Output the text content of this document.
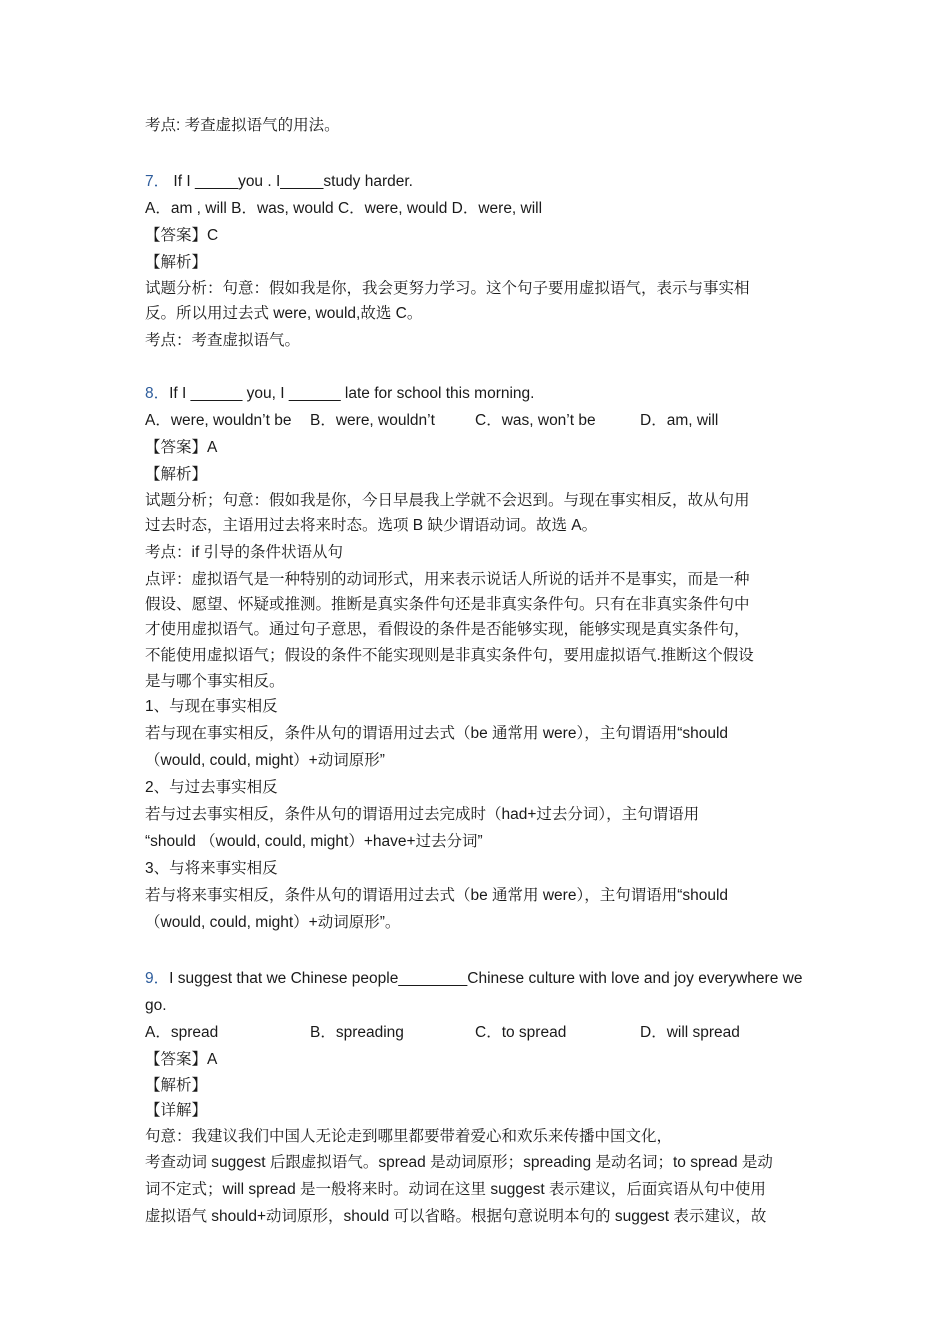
考点: 考查虚拟语气的用法。
7． If I _____you . I_____study harder.
A．am , will B．was, would C．were, would D．were, will
【答案】C
【解析】
试题分析：句意：假如我是你，我会更努力学习。这个句子要用虚拟语气，表示与事实相
反。所以用过去式 were, would,故选 C。
考点：考查虚拟语气。
8．If I ______ you, I ______ late for school this morning.
A．were, wouldn’t be B．were, wouldn’t	C．was, won’t be	D．am, will
【答案】A
【解析】
试题分析；句意：假如我是你，今日早晨我上学就不会迟到。与现在事实相反，故从句用
过去时态，主语用过去将来时态。选项 B 缺少谓语动词。故选 A。
考点：if 引导的条件状语从句
点评：虚拟语气是一种特别的动词形式，用来表示说话人所说的话并不是事实，而是一种
假设、愿望、怀疑或推测。推断是真实条件句还是非真实条件句。只有在非真实条件句中
才使用虚拟语气。通过句子意思，看假设的条件是否能够实现，能够实现是真实条件句，
不能使用虚拟语气；假设的条件不能实现则是非真实条件句，要用虚拟语气.推断这个假设
是与哪个事实相反。
1、与现在事实相反
若与现在事实相反，条件从句的谓语用过去式（be 通常用 were），主句谓语用“should
（would, could, might）+动词原形”
2、与过去事实相反
若与过去事实相反，条件从句的谓语用过去完成时（had+过去分词），主句谓语用
“should （would, could, might）+have+过去分词”
3、与将来事实相反
若与将来事实相反，条件从句的谓语用过去式（be 通常用 were），主句谓语用“should
（would, could, might）+动词原形”。
9．I suggest that we Chinese people________Chinese culture with love and joy everywhere we
go.
A．spread	B．spreading	C．to spread	D．will spread
【答案】A
【解析】
【详解】
句意：我建议我们中国人无论走到哪里都要带着爱心和欢乐来传播中国文化，
考查动词 suggest 后跟虚拟语气。spread 是动词原形；spreading 是动名词；to spread 是动
词不定式；will spread 是一般将来时。动词在这里 suggest 表示建议，后面宾语从句中使用
虚拟语气 should+动词原形，should 可以省略。根据句意说明本句的 suggest 表示建议，故
